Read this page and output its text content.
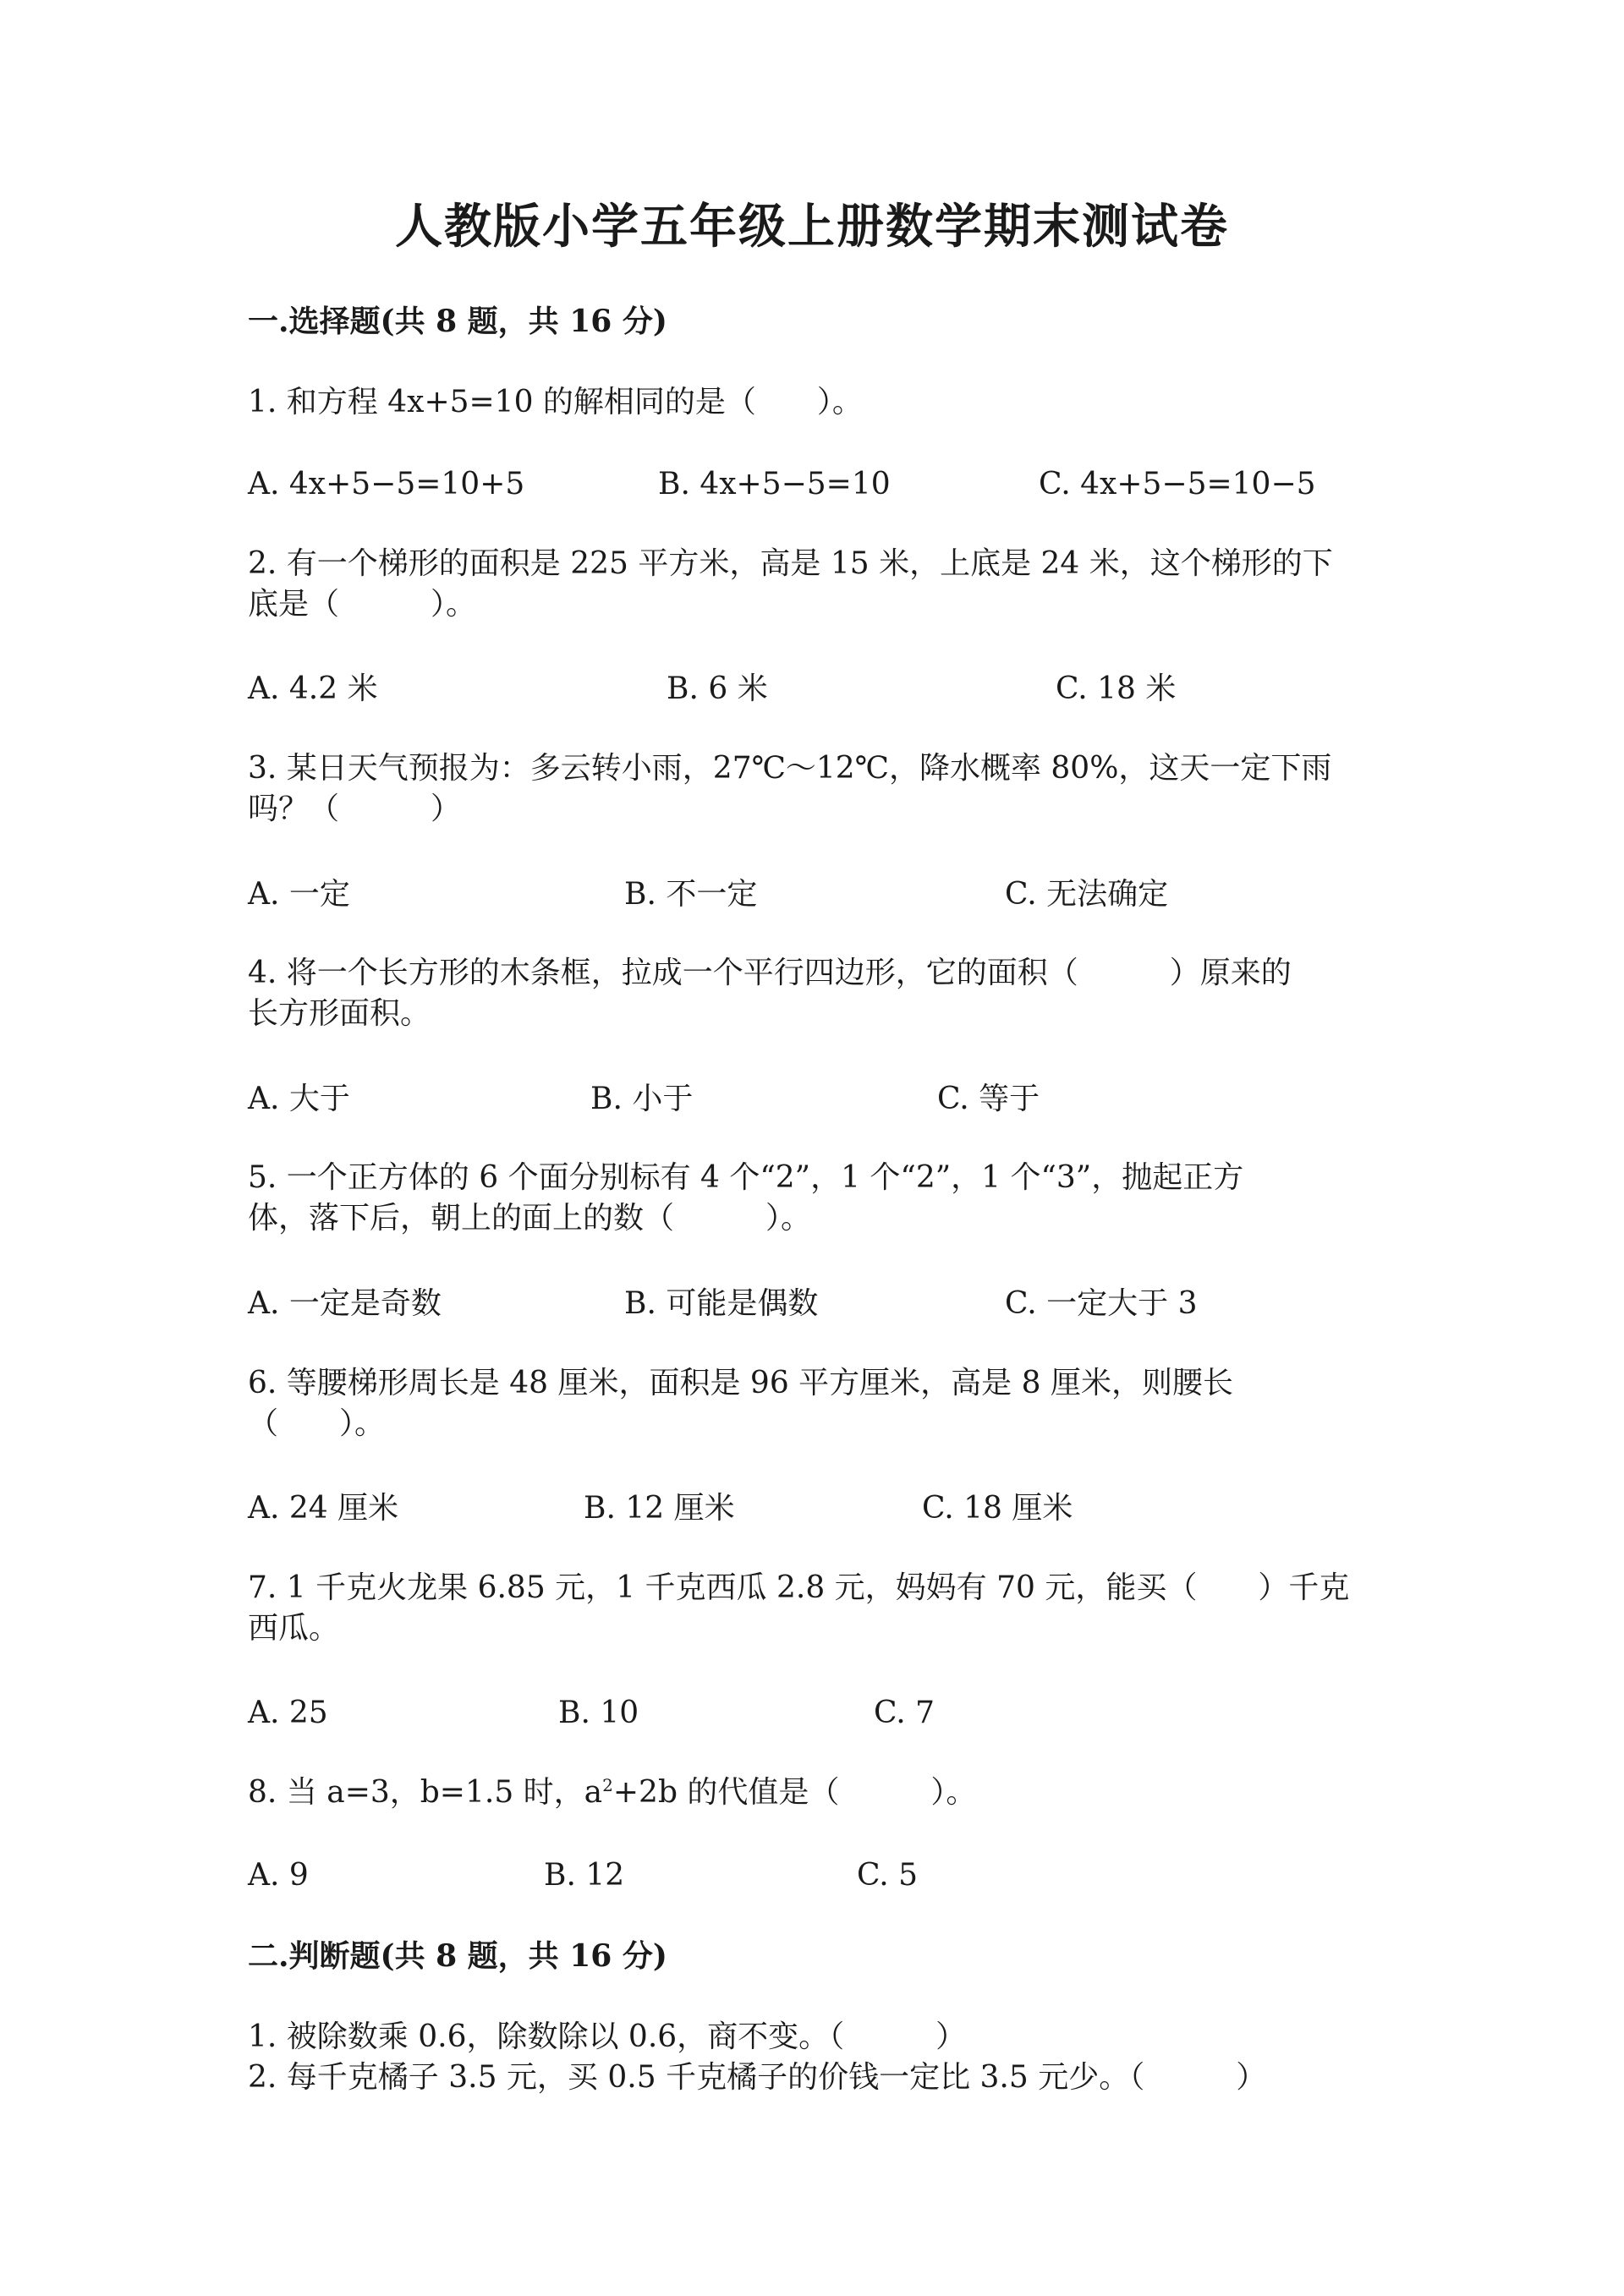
人教版小学五年级上册数学期末测试卷
一.选择题(共 8 题，共 16 分)
1. 和方程 4x+5=10 的解相同的是（　　）。
A. 4x+5−5=10+5	B. 4x+5−5=10	C. 4x+5−5=10−5
2. 有一个梯形的面积是 225 平方米，高是 15 米，上底是 24 米，这个梯形的下
底是（　　　）。
A. 4.2 米	B. 6 米	C. 18 米
3. 某日天气预报为：多云转小雨，27℃～12℃，降水概率 80%，这天一定下雨
吗？（　　　）
A. 一定	B. 不一定	C. 无法确定
4. 将一个长方形的木条框，拉成一个平行四边形，它的面积（　　　）原来的
长方形面积。
A. 大于	B. 小于	C. 等于
5. 一个正方体的 6 个面分别标有 4 个“2”，1 个“2”，1 个“3”，抛起正方
体，落下后，朝上的面上的数（　　　）。
A. 一定是奇数	B. 可能是偶数	C. 一定大于 3
6. 等腰梯形周长是 48 厘米，面积是 96 平方厘米，高是 8 厘米，则腰长
（　　）。
A. 24 厘米	B. 12 厘米	C. 18 厘米
7. 1 千克火龙果 6.85 元，1 千克西瓜 2.8 元，妈妈有 70 元，能买（　　）千克
西瓜。
A. 25	B. 10	C. 7
8. 当 a=3，b=1.5 时，$a^2+2b$ 的代值是（　　　）。
A. 9	B. 12	C. 5
二.判断题(共 8 题，共 16 分)
1. 被除数乘 0.6，除数除以 0.6，商不变。（　　　）
2. 每千克橘子 3.5 元，买 0.5 千克橘子的价钱一定比 3.5 元少。（　　　）
